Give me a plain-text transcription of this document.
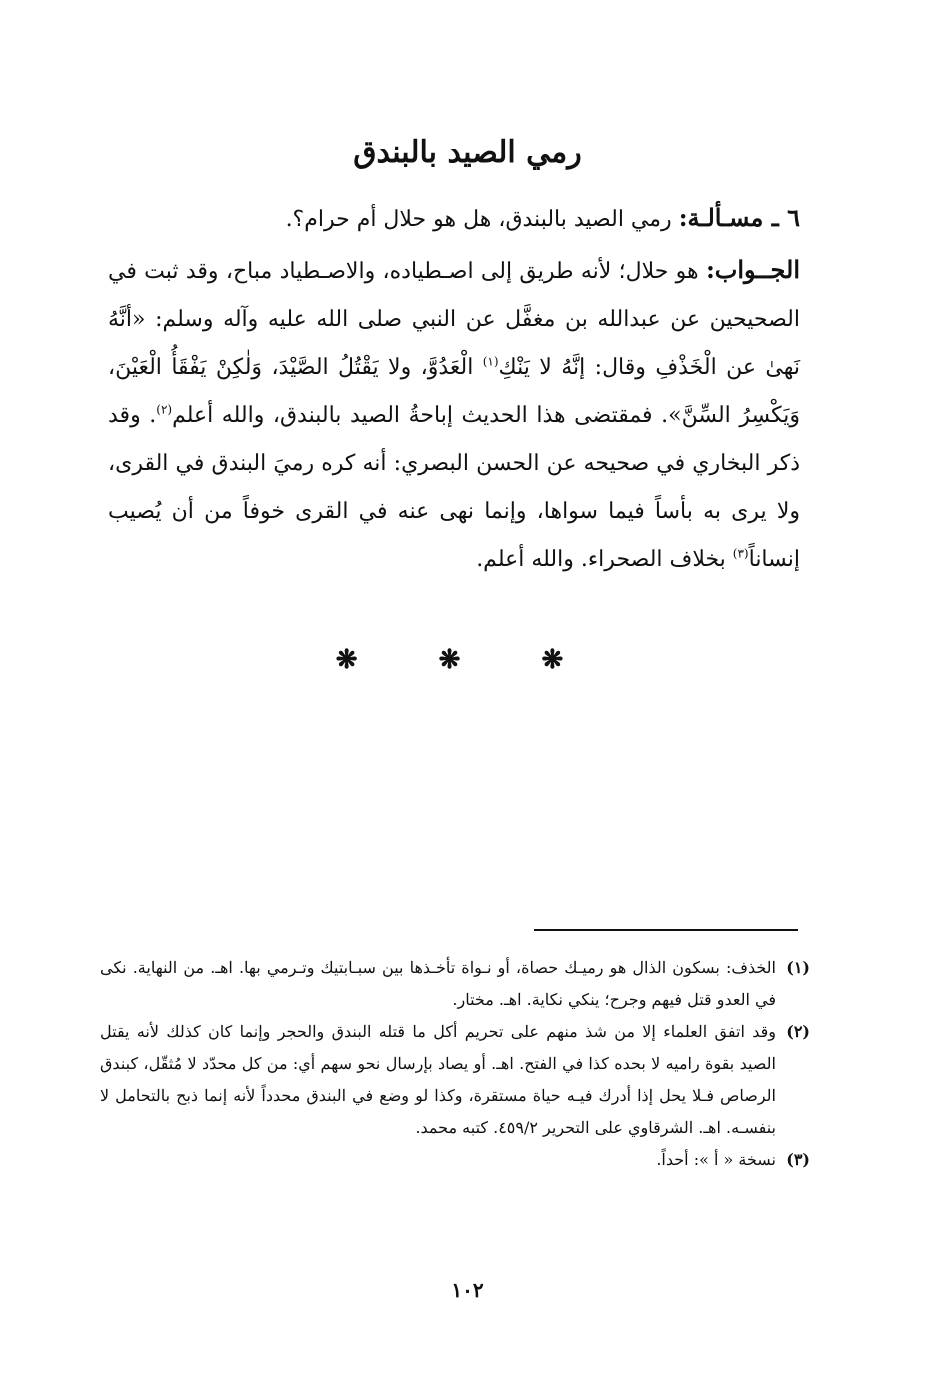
رمي الصيد بالبندق

٦ ـ مسـألـة: رمي الصيد بالبندق، هل هو حلال أم حرام؟.

الجــواب: هو حلال؛ لأنه طريق إلى اصـطياده، والاصـطياد مباح، وقد ثبت في الصحيحين عن عبدالله بن مغفَّل عن النبي صلى الله عليه وآله وسلم: «أنَّهُ نَهىٰ عن الْخَذْفِ وقال: إنَّهُ لا يَنْكِ$^{(١)}$ الْعَدُوَّ، ولا يَقْتُلُ الصَّيْدَ، وَلٰكِنْ يَفْقَأُ الْعَيْنَ، وَيَكْسِرُ السِّنَّ». فمقتضى هذا الحديث إباحةُ الصيد بالبندق، والله أعلم$^{(٢)}$. وقد ذكر البخاري في صحيحه عن الحسن البصري: أنه كره رميَ البندق في القرى، ولا يرى به بأساً فيما سواها، وإنما نهى عنه في القرى خوفاً من أن يُصيب إنساناً$^{(٣)}$ بخلاف الصحراء. والله أعلم.

❋ ❋ ❋
(١)
الخذف: بسكون الذال هو رميـك حصاة، أو نـواة تأخـذها بين سبـابتيك وتـرمي بها. اهـ. من النهاية. نكى في العدو قتل فيهم وجرح؛ ينكي نكاية. اهـ. مختار.
(٢)
وقد اتفق العلماء إلا من شذ منهم على تحريم أكل ما قتله البندق والحجر وإنما كان كذلك لأنه يقتل الصيد بقوة راميه لا بحده كذا في الفتح. اهـ. أو يصاد بإرسال نحو سهم أي: من كل محدّد لا مُثقّل، كبندق الرصاص فـلا يحل إذا أدرك فيـه حياة مستقرة، وكذا لو وضع في البندق محدداً لأنه إنما ذبح بالتحامل لا بنفسـه. اهـ. الشرقاوي على التحرير ٤٥٩/٢. كتبه محمد.
(٣)
نسخة « أ »: أحداً.
١٠٢
